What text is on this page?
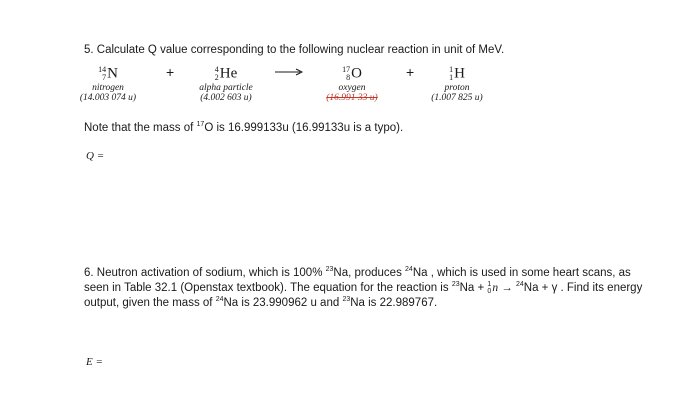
5. Calculate Q value corresponding to the following nuclear reaction in unit of MeV.
14
7 N
nitrogen
(14.003 074 u)
+	4
2 He
alpha particle
(4.002 603 u)
17
8 O
oxygen
(16.991 33 u)
+	1
1 H
proton
(1.007 825 u)
Note that the mass of $^{17}$O is 16.999133u (16.99133u is a typo).
Q =
6. Neutron activation of sodium, which is 100% $^{23}$Na, produces $^{24}$Na , which is used in some heart scans, as seen in Table 32.1 (Openstax textbook). The equation for the reaction is $^{23}$Na + 1
0 n → $^{24}$Na + γ . Find its energy output, given the mass of $^{24}$Na is 23.990962 u and $^{23}$Na is 22.989767.
E =
